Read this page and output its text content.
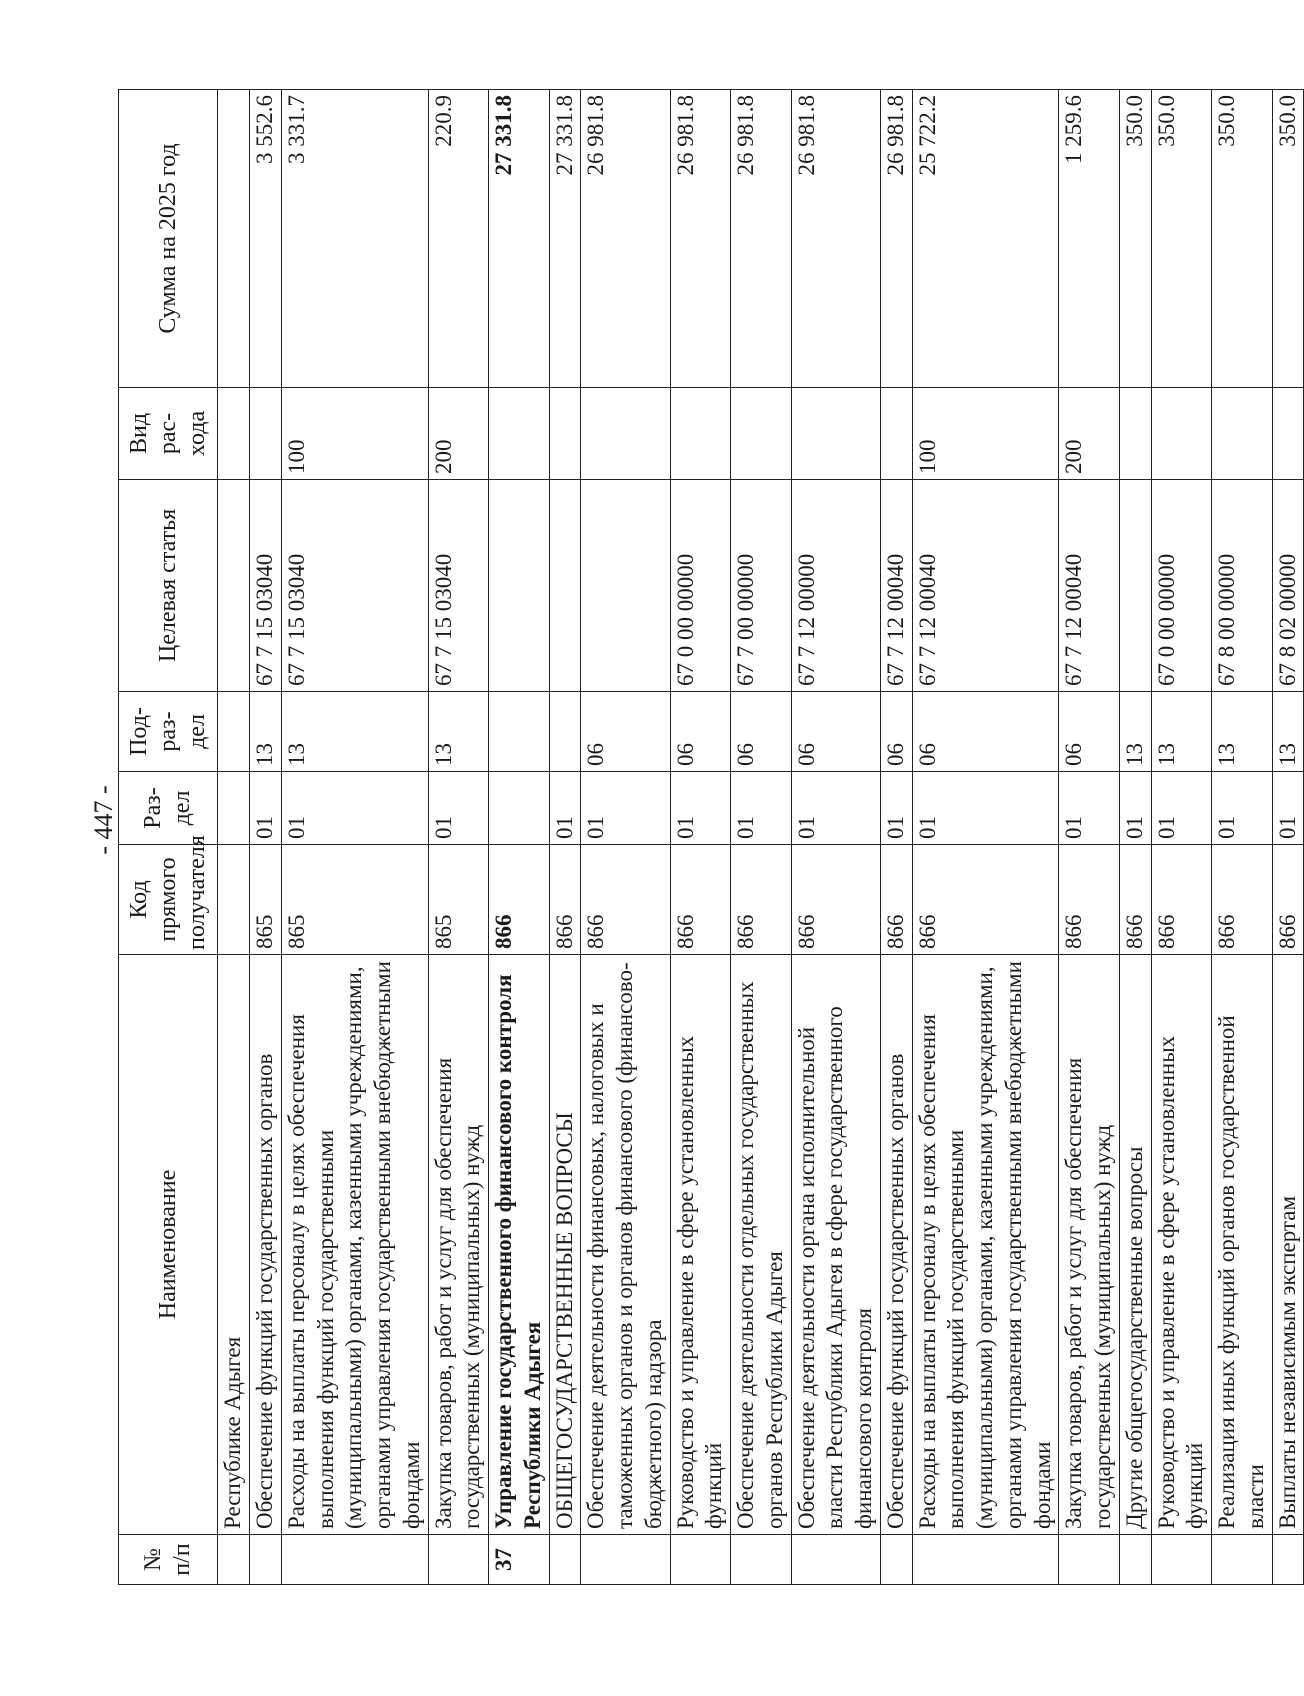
- 447 -
№ п/п	Наименование	Код прямого получателя	Раз-дел	Под-раз-дел	Целевая статья	Вид рас-хода	Сумма на 2025 год
	Республике Адыгея						
	Обеспечение функций государственных органов	865	01	13	67 7 15 03040		3 552.6
	Расходы на выплаты персоналу в целях обеспечения выполнения функций государственными (муниципальными) органами, казенными учреждениями, органами управления государственными внебюджетными фондами	865	01	13	67 7 15 03040	100	3 331.7
	Закупка товаров, работ и услуг для обеспечения государственных (муниципальных) нужд	865	01	13	67 7 15 03040	200	220.9
37	Управление государственного финансового контроля Республики Адыгея	866					27 331.8
	ОБЩЕГОСУДАРСТВЕННЫЕ ВОПРОСЫ	866	01				27 331.8
	Обеспечение деятельности финансовых, налоговых и таможенных органов и органов финансового (финансово-бюджетного) надзора	866	01	06			26 981.8
	Руководство и управление в сфере установленных функций	866	01	06	67 0 00 00000		26 981.8
	Обеспечение деятельности отдельных государственных органов Республики Адыгея	866	01	06	67 7 00 00000		26 981.8
	Обеспечение деятельности органа исполнительной власти Республики Адыгея в сфере государственного финансового контроля	866	01	06	67 7 12 00000		26 981.8
	Обеспечение функций государственных органов	866	01	06	67 7 12 00040		26 981.8
	Расходы на выплаты персоналу в целях обеспечения выполнения функций государственными (муниципальными) органами, казенными учреждениями, органами управления государственными внебюджетными фондами	866	01	06	67 7 12 00040	100	25 722.2
	Закупка товаров, работ и услуг для обеспечения государственных (муниципальных) нужд	866	01	06	67 7 12 00040	200	1 259.6
	Другие общегосударственные вопросы	866	01	13			350.0
	Руководство и управление в сфере установленных функций	866	01	13	67 0 00 00000		350.0
	Реализация иных функций органов государственной власти	866	01	13	67 8 00 00000		350.0
	Выплаты независимым экспертам	866	01	13	67 8 02 00000		350.0
